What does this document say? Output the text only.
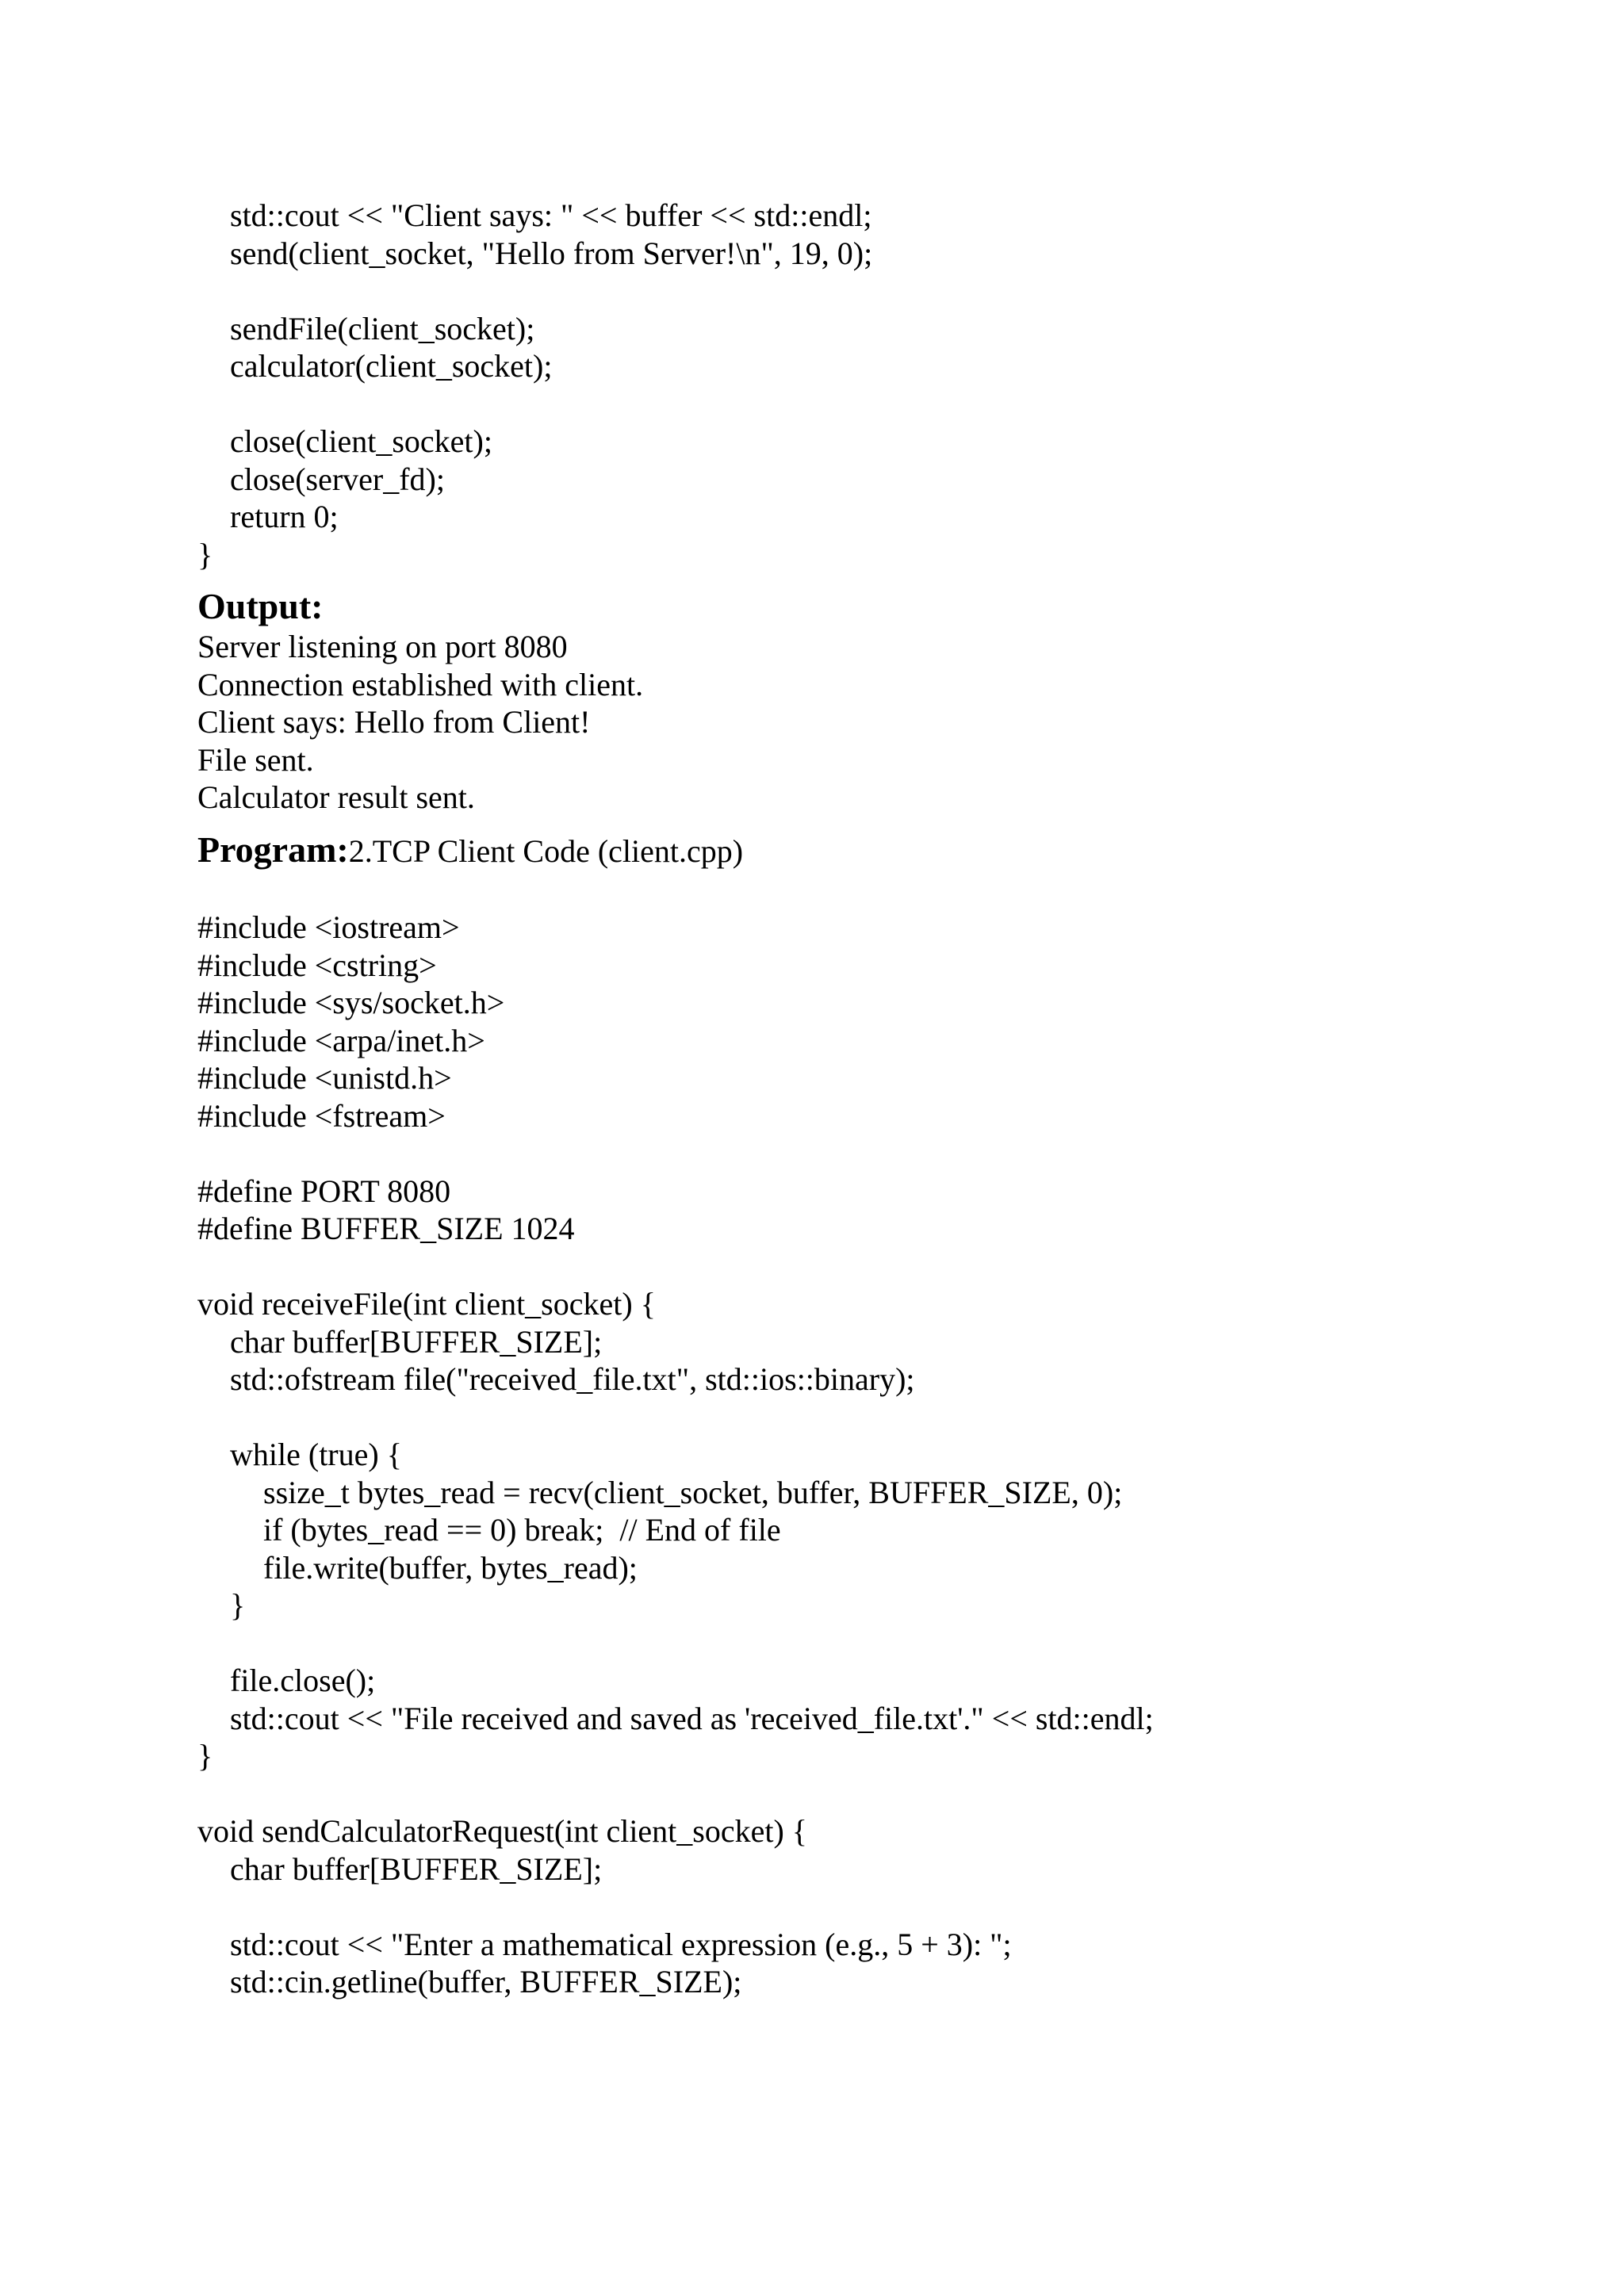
std::cout << "Client says: " << buffer << std::endl;
send(client_socket, "Hello from Server!\n", 19, 0);
sendFile(client_socket);
calculator(client_socket);
close(client_socket);
close(server_fd);
return 0;
}
Output:
Server listening on port 8080
Connection established with client.
Client says: Hello from Client!
File sent.
Calculator result sent.
Program:2.TCP Client Code (client.cpp)
#include <iostream>
#include <cstring>
#include <sys/socket.h>
#include <arpa/inet.h>
#include <unistd.h>
#include <fstream>
#define PORT 8080
#define BUFFER_SIZE 1024
void receiveFile(int client_socket) {
char buffer[BUFFER_SIZE];
std::ofstream file("received_file.txt", std::ios::binary);
while (true) {
ssize_t bytes_read = recv(client_socket, buffer, BUFFER_SIZE, 0);
if (bytes_read == 0) break;  // End of file
file.write(buffer, bytes_read);
}
file.close();
std::cout << "File received and saved as 'received_file.txt'." << std::endl;
}
void sendCalculatorRequest(int client_socket) {
char buffer[BUFFER_SIZE];
std::cout << "Enter a mathematical expression (e.g., 5 + 3): ";
std::cin.getline(buffer, BUFFER_SIZE);
